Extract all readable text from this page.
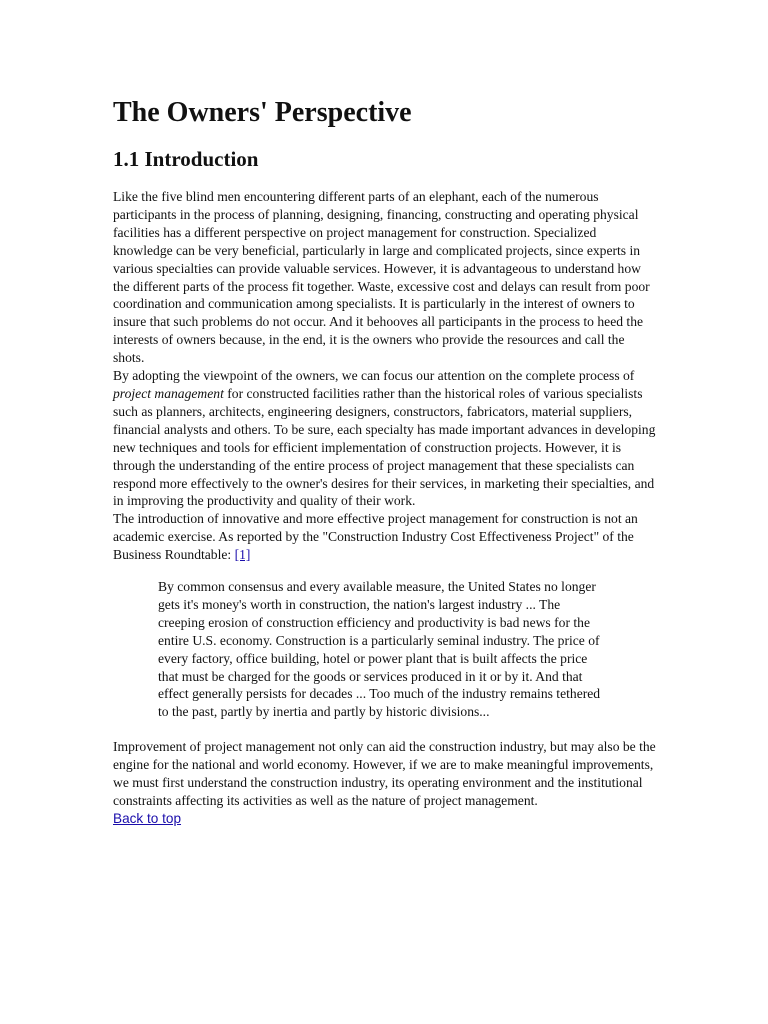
The Owners' Perspective
1.1 Introduction

Like the five blind men encountering different parts of an elephant, each of the numerous participants in the process of planning, designing, financing, constructing and operating physical facilities has a different perspective on project management for construction. Specialized knowledge can be very beneficial, particularly in large and complicated projects, since experts in various specialties can provide valuable services. However, it is advantageous to understand how the different parts of the process fit together. Waste, excessive cost and delays can result from poor coordination and communication among specialists. It is particularly in the interest of owners to insure that such problems do not occur. And it behooves all participants in the process to heed the interests of owners because, in the end, it is the owners who provide the resources and call the shots.

By adopting the viewpoint of the owners, we can focus our attention on the complete process of project management for constructed facilities rather than the historical roles of various specialists such as planners, architects, engineering designers, constructors, fabricators, material suppliers, financial analysts and others. To be sure, each specialty has made important advances in developing new techniques and tools for efficient implementation of construction projects. However, it is through the understanding of the entire process of project management that these specialists can respond more effectively to the owner's desires for their services, in marketing their specialties, and in improving the productivity and quality of their work.

The introduction of innovative and more effective project management for construction is not an academic exercise. As reported by the "Construction Industry Cost Effectiveness Project" of the Business Roundtable: [1]

By common consensus and every available measure, the United States no longer gets it's money's worth in construction, the nation's largest industry ... The creeping erosion of construction efficiency and productivity is bad news for the entire U.S. economy. Construction is a particularly seminal industry. The price of every factory, office building, hotel or power plant that is built affects the price that must be charged for the goods or services produced in it or by it. And that effect generally persists for decades ... Too much of the industry remains tethered to the past, partly by inertia and partly by historic divisions...

Improvement of project management not only can aid the construction industry, but may also be the engine for the national and world economy. However, if we are to make meaningful improvements, we must first understand the construction industry, its operating environment and the institutional constraints affecting its activities as well as the nature of project management.

Back to top
